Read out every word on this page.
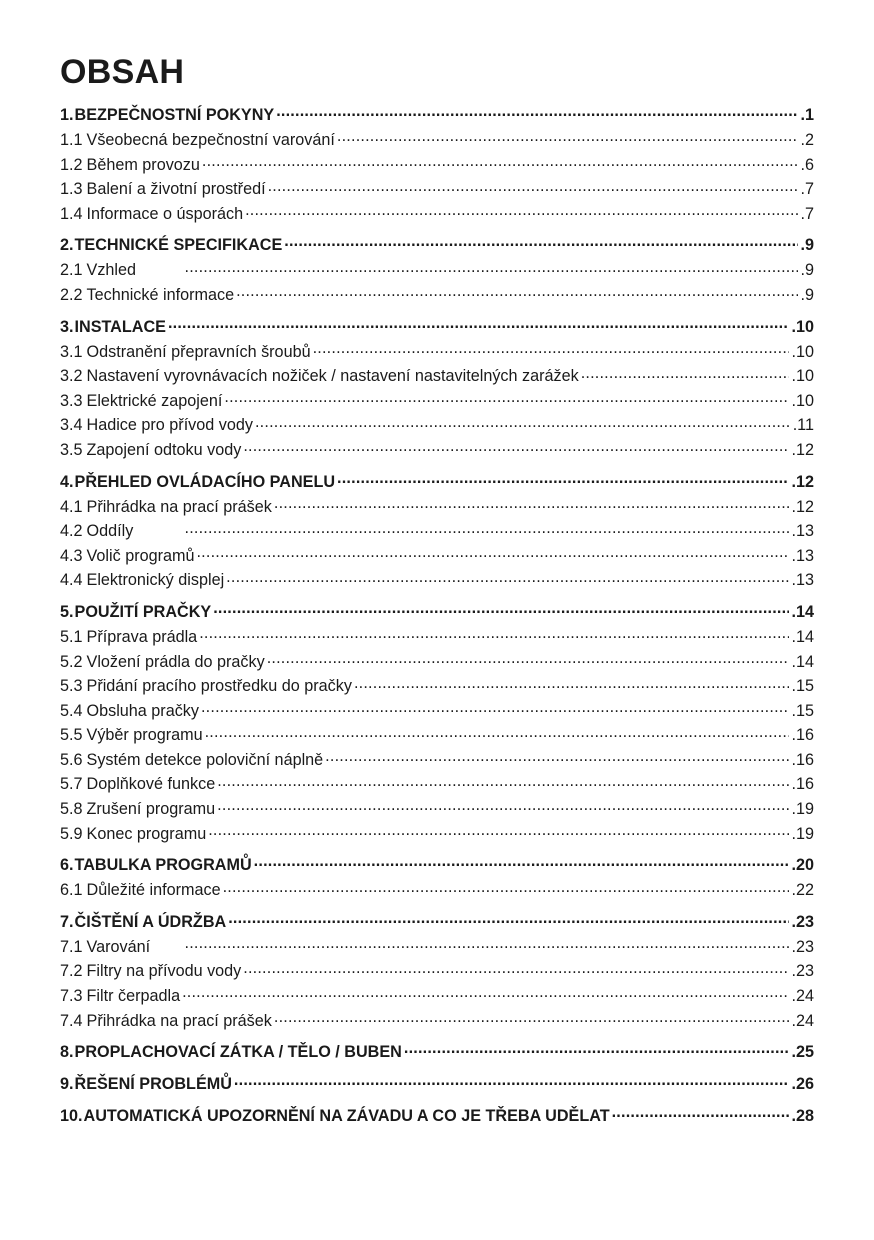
OBSAH
1. BEZPEČNOSTNÍ POKYNY .....	.1
1.1 Všeobecná bezpečnostní varování .....	.2
1.2 Během provozu .....	.6
1.3 Balení a životní prostředí .....	.7
1.4 Informace o úsporách .....	.7
2. TECHNICKÉ SPECIFIKACE .....	.9
2.1 Vzhled .....	.9
2.2 Technické informace .....	.9
3. INSTALACE .....	.10
3.1 Odstranění přepravních šroubů .....	.10
3.2 Nastavení vyrovnávacích nožiček / nastavení nastavitelných zarážek .....	.10
3.3 Elektrické zapojení .....	.10
3.4 Hadice pro přívod vody .....	.11
3.5 Zapojení odtoku vody .....	.12
4. PŘEHLED OVLÁDACÍHO PANELU .....	.12
4.1 Přihrádka na prací prášek .....	.12
4.2 Oddíly .....	.13
4.3 Volič programů .....	.13
4.4 Elektronický displej .....	.13
5. POUŽITÍ PRAČKY .....	.14
5.1 Příprava prádla .....	.14
5.2 Vložení prádla do pračky .....	.14
5.3 Přidání pracího prostředku do pračky .....	.15
5.4 Obsluha pračky .....	.15
5.5 Výběr programu .....	.16
5.6 Systém detekce poloviční náplně .....	.16
5.7 Doplňkové funkce .....	.16
5.8 Zrušení programu .....	.19
5.9 Konec programu .....	.19
6. TABULKA PROGRAMŮ .....	.20
6.1 Důležité informace .....	.22
7. ČIŠTĚNÍ A ÚDRŽBA .....	.23
7.1 Varování .....	.23
7.2 Filtry na přívodu vody .....	.23
7.3 Filtr čerpadla .....	.24
7.4 Přihrádka na prací prášek .....	.24
8. PROPLACHOVACÍ ZÁTKA / TĚLO / BUBEN .....	.25
9. ŘEŠENÍ PROBLÉMŮ .....	.26
10. AUTOMATICKÁ UPOZORNĚNÍ NA ZÁVADU A CO JE TŘEBA UDĚLAT .....	.28
